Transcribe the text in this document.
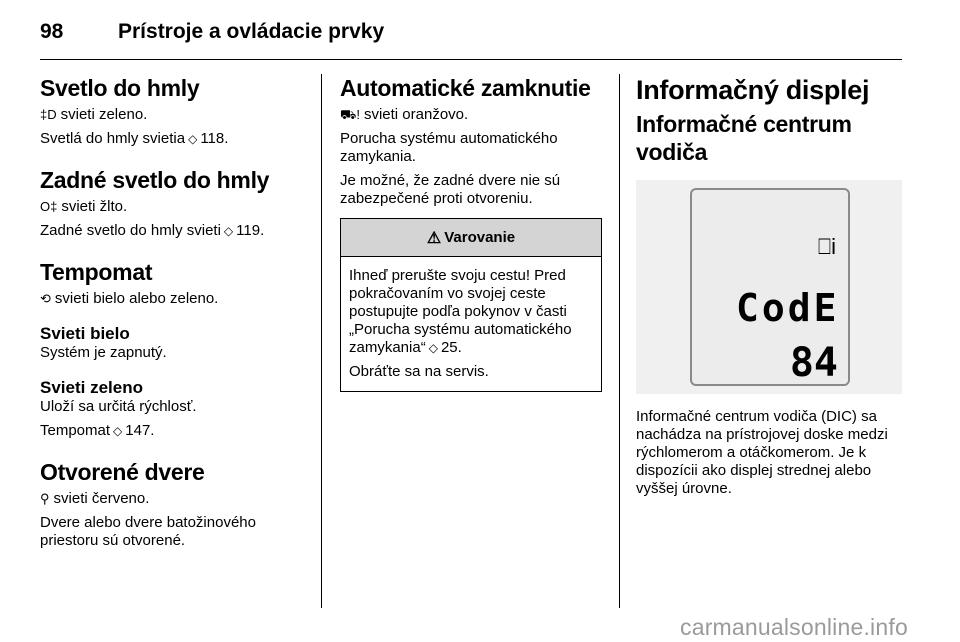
98	Prístroje a ovládacie prvky
Svetlo do hmly

‡D svieti zeleno.

Svetlá do hmly svietia ◇ 118.

Zadné svetlo do hmly

O‡ svieti žlto.

Zadné svetlo do hmly svieti ◇ 119.

Tempomat

⟲ svieti bielo alebo zeleno.

Svieti bielo

Systém je zapnutý.

Svieti zeleno

Uloží sa určitá rýchlosť.

Tempomat ◇ 147.

Otvorené dvere

⚲ svieti červeno.

Dvere alebo dvere batožinového priestoru sú otvorené.

Automatické zamknutie

⛟! svieti oranžovo.

Porucha systému automatického zamykania.

Je možné, že zadné dvere nie sú zabezpečené proti otvoreniu.

⚠ Varovanie

Ihneď prerušte svoju cestu! Pred pokračovaním vo svojej ceste postupujte podľa pokynov v časti „Porucha systému automatického zamykania“ ◇ 25.

Obráťte sa na servis.

Informačný displej
Informačné centrum vodiča
⎕i
CodE
84

Informačné centrum vodiča (DIC) sa nachádza na prístrojovej doske medzi rýchlomerom a otáčkomerom. Je k dispozícii ako displej strednej alebo vyššej úrovne.

carmanualsonline.info
